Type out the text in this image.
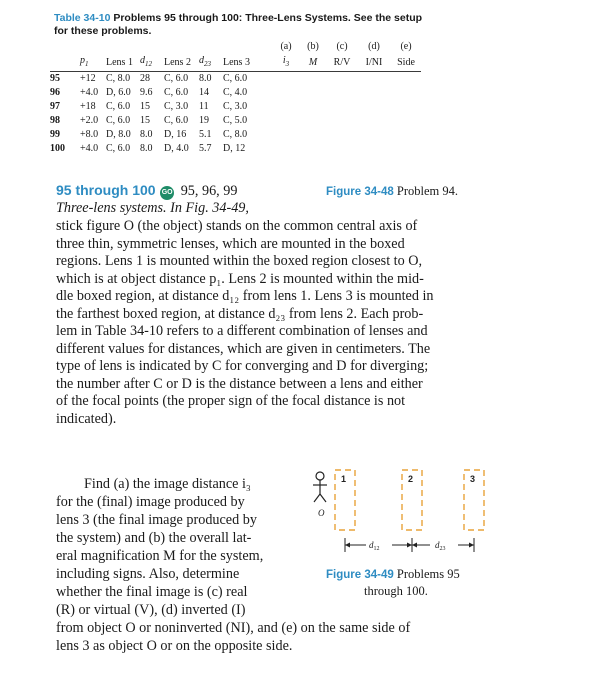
Table 34-10 Problems 95 through 100: Three-Lens Systems. See the setup
for these problems.
							(a)	(b)	(c)	(d)	(e)
	$p_1$	Lens 1	$d_{12}$	Lens 2	$d_{23}$	Lens 3	$i_3$	M	R/V	I/NI	Side
95	+12	C, 8.0	28	C, 6.0	8.0	C, 6.0					
96	+4.0	D, 6.0	9.6	C, 6.0	14	C, 4.0					
97	+18	C, 6.0	15	C, 3.0	11	C, 3.0					
98	+2.0	C, 6.0	15	C, 6.0	19	C, 5.0					
99	+8.0	D, 8.0	8.0	D, 16	5.1	C, 8.0					
100	+4.0	C, 6.0	8.0	D, 4.0	5.7	D, 12					
95 through 100 GO 95, 96, 99	Figure 34-48 Problem 94.
Three-lens systems. In Fig. 34-49,
stick figure O (the object) stands on the common central axis of
three thin, symmetric lenses, which are mounted in the boxed
regions. Lens 1 is mounted within the boxed region closest to O,
which is at object distance p₁. Lens 2 is mounted within the mid-
dle boxed region, at distance d₁₂ from lens 1. Lens 3 is mounted in
the farthest boxed region, at distance d₂₃ from lens 2. Each prob-
lem in Table 34-10 refers to a different combination of lenses and
different values for distances, which are given in centimeters. The
type of lens is indicated by C for converging and D for diverging;
the number after C or D is the distance between a lens and either
of the focal points (the proper sign of the focal distance is not
indicated).
Find (a) the image distance i₃
for the (final) image produced by
lens 3 (the final image produced by
the system) and (b) the overall lat-
eral magnification M for the system,
including signs. Also, determine
whether the final image is (c) real
(R) or virtual (V), (d) inverted (I)
from object O or noninverted (NI), and (e) on the same side of
lens 3 as object O or on the opposite side.
O
1	2	3
$d_{12}$	$d_{23}$
Figure 34-49 Problems 95
through 100.
